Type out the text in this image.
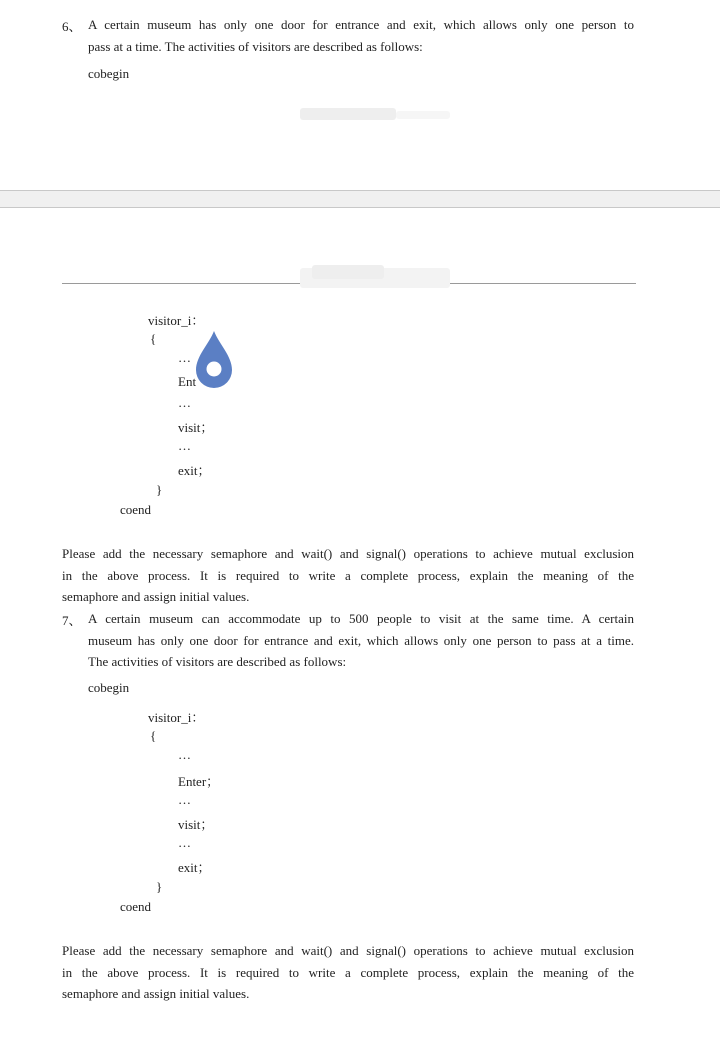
6、 A certain museum has only one door for entrance and exit, which allows only one person to
pass at a time. The activities of visitors are described as follows:
cobegin
visitor_i：
{
…
Ent
…
visit；
…
exit；
}
coend
Please add the necessary semaphore and wait() and signal() operations to achieve mutual exclusion
in the above process. It is required to write a complete process, explain the meaning of the
semaphore and assign initial values.
7、 A certain museum can accommodate up to 500 people to visit at the same time. A certain
museum has only one door for entrance and exit, which allows only one person to pass at a time.
The activities of visitors are described as follows:
cobegin
visitor_i：
{
…
Enter；
…
visit；
…
exit；
}
coend
Please add the necessary semaphore and wait() and signal() operations to achieve mutual exclusion
in the above process. It is required to write a complete process, explain the meaning of the
semaphore and assign initial values.
